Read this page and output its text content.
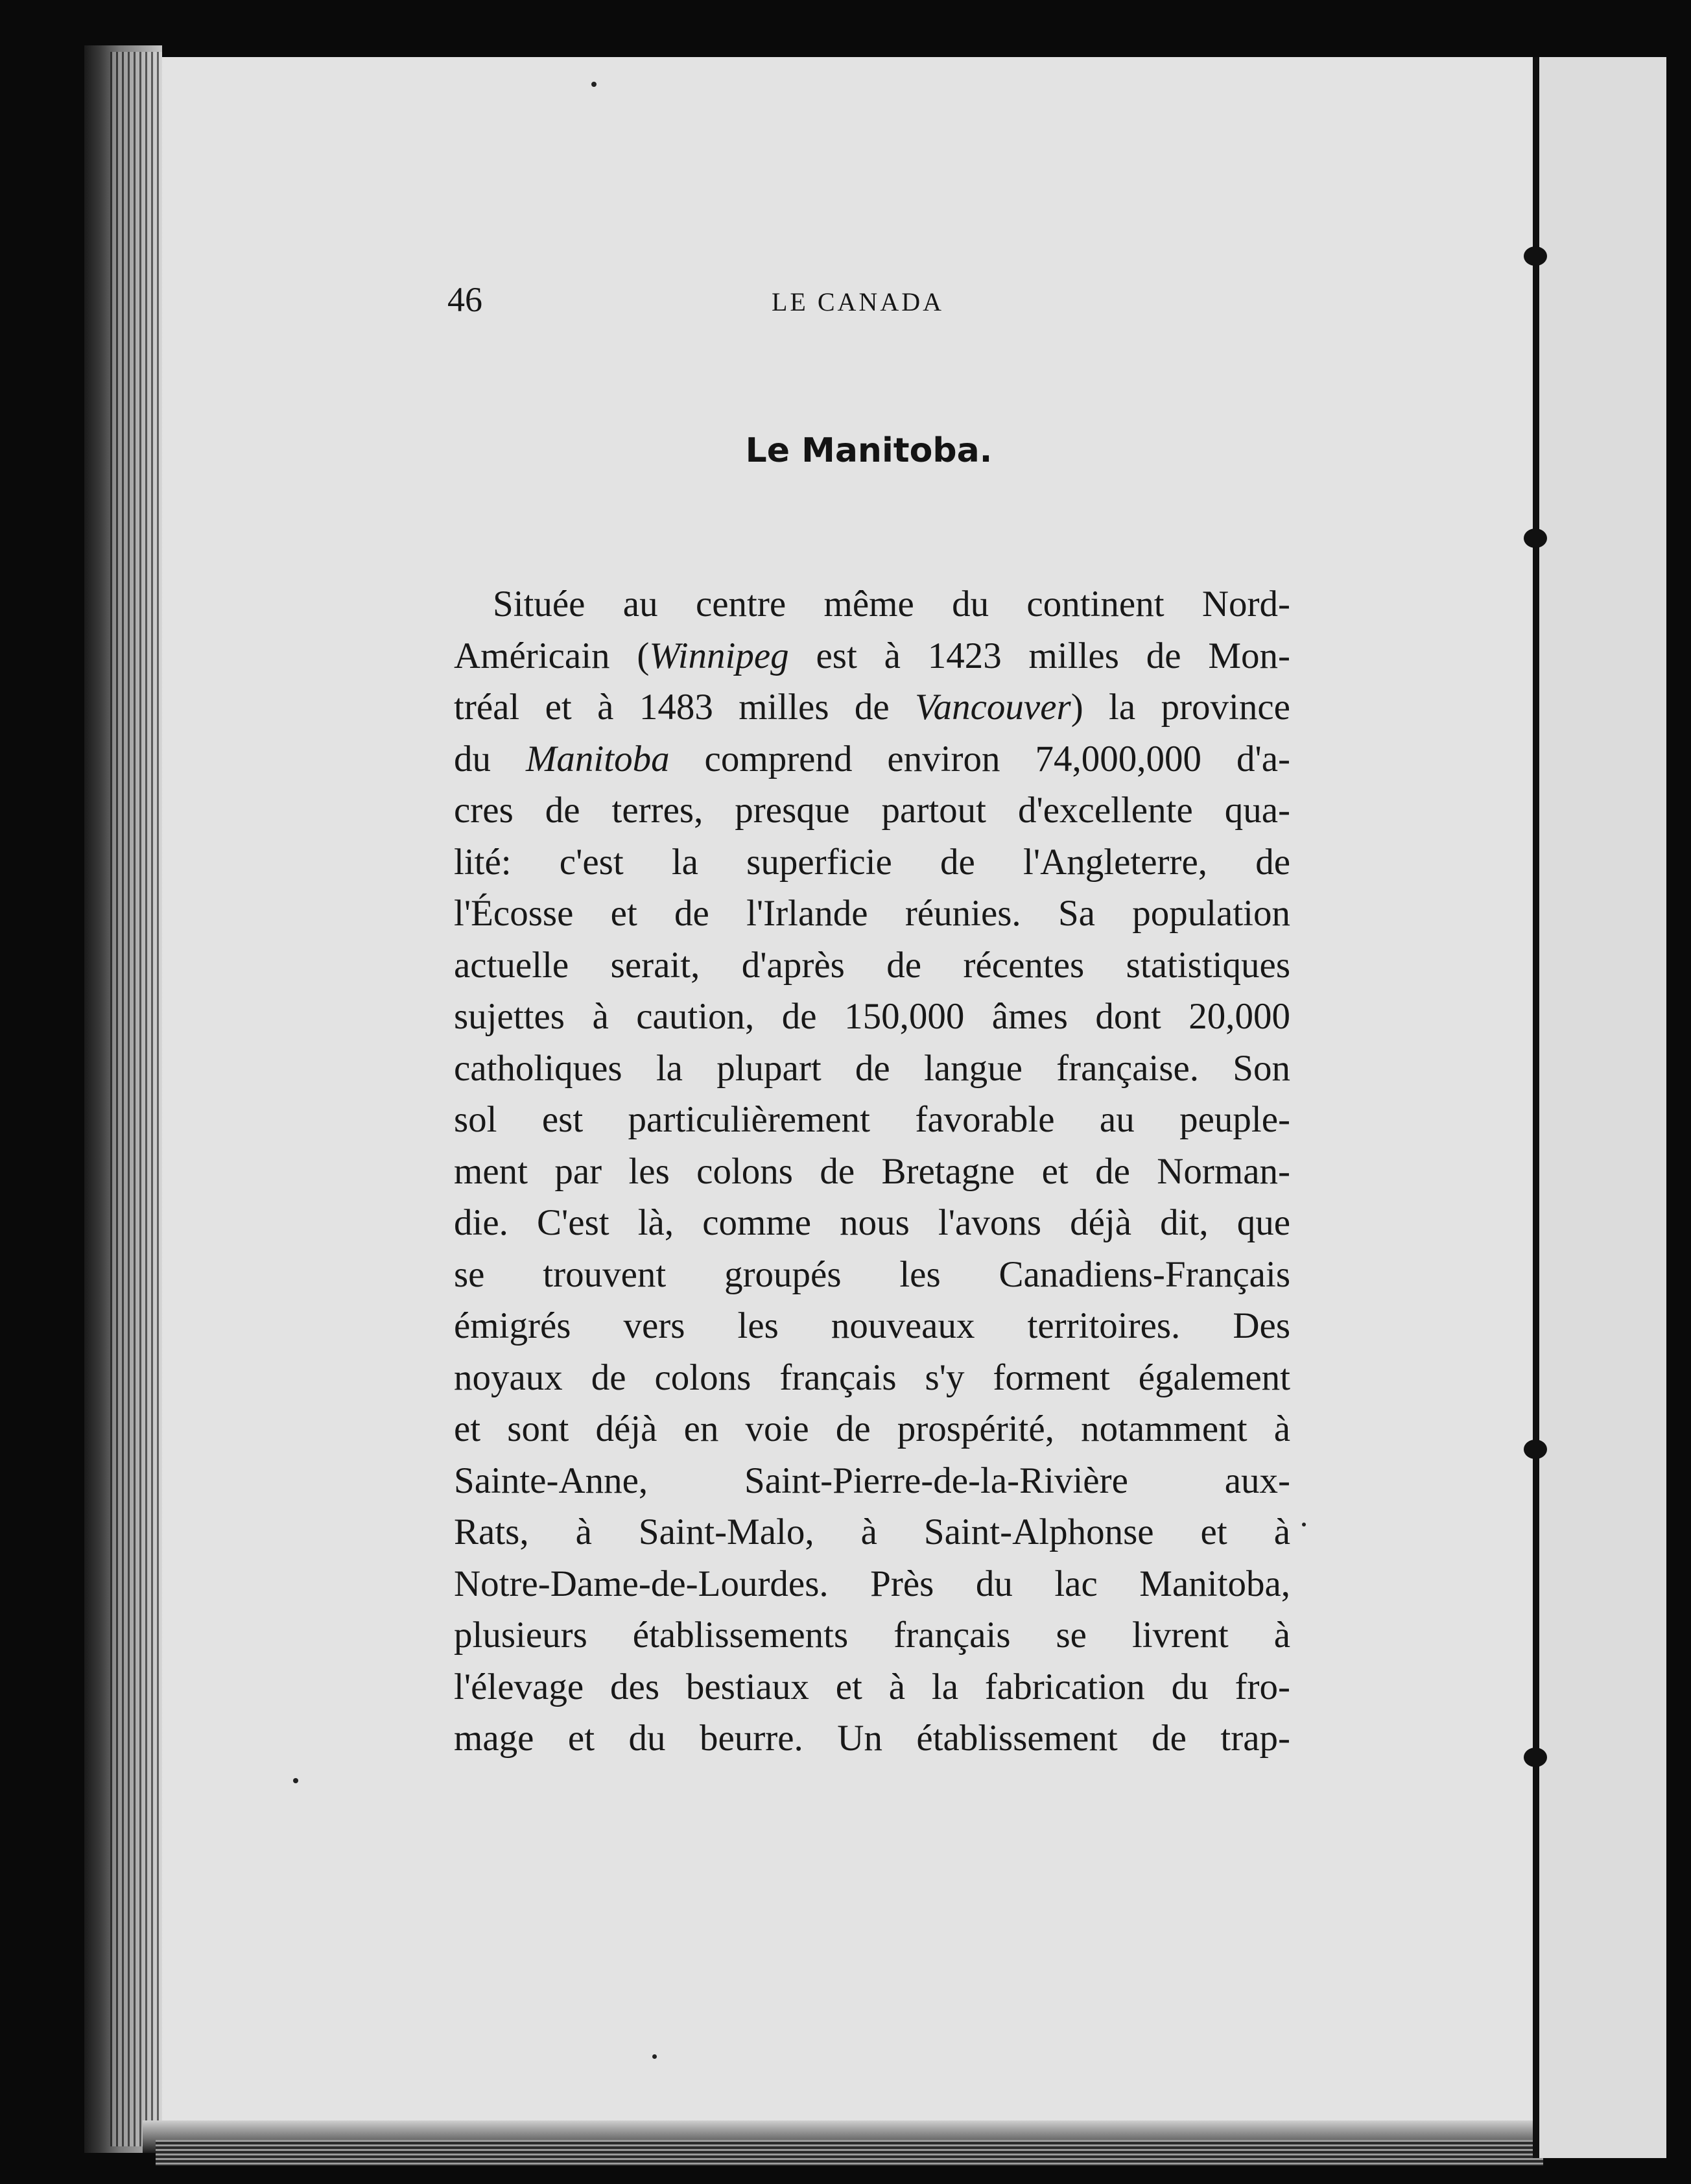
46	LE CANADA
Le Manitoba.
Située au centre même du continent Nord-
Américain (Winnipeg est à 1423 milles de Mon-
tréal et à 1483 milles de Vancouver) la province
du Manitoba comprend environ 74,000,000 d'a-
cres de terres, presque partout d'excellente qua-
lité: c'est la superficie de l'Angleterre, de
l'Écosse et de l'Irlande réunies. Sa population
actuelle serait, d'après de récentes statistiques
sujettes à caution, de 150,000 âmes dont 20,000
catholiques la plupart de langue française. Son
sol est particulièrement favorable au peuple-
ment par les colons de Bretagne et de Norman-
die. C'est là, comme nous l'avons déjà dit, que
se trouvent groupés les Canadiens-Français
émigrés vers les nouveaux territoires. Des
noyaux de colons français s'y forment également
et sont déjà en voie de prospérité, notamment à
Sainte-Anne, Saint-Pierre-de-la-Rivière aux-
Rats, à Saint-Malo, à Saint-Alphonse et à
Notre-Dame-de-Lourdes. Près du lac Manitoba,
plusieurs établissements français se livrent à
l'élevage des bestiaux et à la fabrication du fro-
mage et du beurre. Un établissement de trap-
